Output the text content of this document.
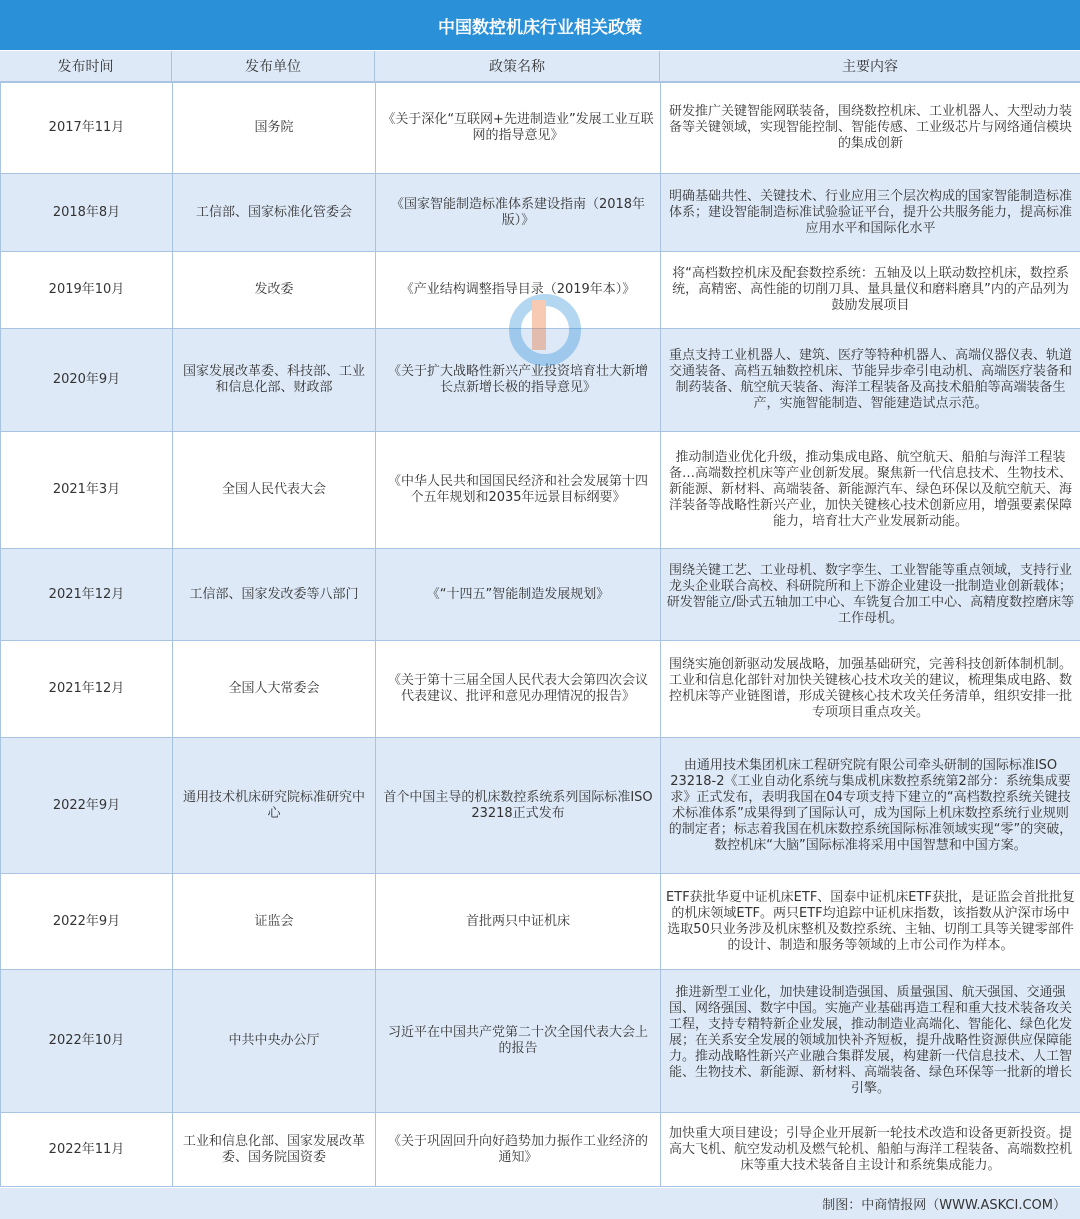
中国数控机床行业相关政策
发布时间	发布单位	政策名称	主要内容
2017年11月	国务院	《关于深化“互联网+先进制造业”发展工业互联网的指导意见》	研发推广关键智能网联装备，围绕数控机床、工业机器人、大型动力装备等关键领域，实现智能控制、智能传感、工业级芯片与网络通信模块的集成创新
2018年8月	工信部、国家标准化管委会	《国家智能制造标准体系建设指南（2018年版）》	明确基础共性、关键技术、行业应用三个层次构成的国家智能制造标准体系；建设智能制造标准试验验证平台，提升公共服务能力，提高标准应用水平和国际化水平
2019年10月	发改委	《产业结构调整指导目录（2019年本）》	将“高档数控机床及配套数控系统：五轴及以上联动数控机床，数控系统，高精密、高性能的切削刀具、量具量仪和磨料磨具”内的产品列为鼓励发展项目
2020年9月	国家发展改革委、科技部、工业和信息化部、财政部	《关于扩大战略性新兴产业投资培育壮大新增长点新增长极的指导意见》	重点支持工业机器人、建筑、医疗等特种机器人、高端仪器仪表、轨道交通装备、高档五轴数控机床、节能异步牵引电动机、高端医疗装备和制药装备、航空航天装备、海洋工程装备及高技术船舶等高端装备生产，实施智能制造、智能建造试点示范。
2021年3月	全国人民代表大会	《中华人民共和国国民经济和社会发展第十四个五年规划和2035年远景目标纲要》	推动制造业优化升级，推动集成电路、航空航天、船舶与海洋工程装备…高端数控机床等产业创新发展。聚焦新一代信息技术、生物技术、新能源、新材料、高端装备、新能源汽车、绿色环保以及航空航天、海洋装备等战略性新兴产业，加快关键核心技术创新应用，增强要素保障能力，培育壮大产业发展新动能。
2021年12月	工信部、国家发改委等八部门	《“十四五”智能制造发展规划》	围绕关键工艺、工业母机、数字孪生、工业智能等重点领域，支持行业龙头企业联合高校、科研院所和上下游企业建设一批制造业创新载体；研发智能立/卧式五轴加工中心、车铣复合加工中心、高精度数控磨床等工作母机。
2021年12月	全国人大常委会	《关于第十三届全国人民代表大会第四次会议代表建议、批评和意见办理情况的报告》	围绕实施创新驱动发展战略，加强基础研究，完善科技创新体制机制。工业和信息化部针对加快关键核心技术攻关的建议，梳理集成电路、数控机床等产业链图谱，形成关键核心技术攻关任务清单，组织安排一批专项项目重点攻关。
2022年9月	通用技术机床研究院标准研究中心	首个中国主导的机床数控系统系列国际标准ISO 23218正式发布	由通用技术集团机床工程研究院有限公司牵头研制的国际标准ISO 23218-2《工业自动化系统与集成机床数控系统第2部分：系统集成要求》正式发布，表明我国在04专项支持下建立的“高档数控系统关键技术标准体系”成果得到了国际认可，成为国际上机床数控系统行业规则的制定者；标志着我国在机床数控系统国际标准领域实现“零”的突破，数控机床“大脑”国际标准将采用中国智慧和中国方案。
2022年9月	证监会	首批两只中证机床	ETF获批华夏中证机床ETF、国泰中证机床ETF获批，是证监会首批批复的机床领域ETF。两只ETF均追踪中证机床指数，该指数从沪深市场中选取50只业务涉及机床整机及数控系统、主轴、切削工具等关键零部件的设计、制造和服务等领域的上市公司作为样本。
2022年10月	中共中央办公厅	习近平在中国共产党第二十次全国代表大会上的报告	推进新型工业化，加快建设制造强国、质量强国、航天强国、交通强国、网络强国、数字中国。实施产业基础再造工程和重大技术装备攻关工程，支持专精特新企业发展，推动制造业高端化、智能化、绿色化发展；在关系安全发展的领域加快补齐短板，提升战略性资源供应保障能力。推动战略性新兴产业融合集群发展，构建新一代信息技术、人工智能、生物技术、新能源、新材料、高端装备、绿色环保等一批新的增长引擎。
2022年11月	工业和信息化部、国家发展改革委、国务院国资委	《关于巩固回升向好趋势加力振作工业经济的通知》	加快重大项目建设；引导企业开展新一轮技术改造和设备更新投资。提高大飞机、航空发动机及燃气轮机、船舶与海洋工程装备、高端数控机床等重大技术装备自主设计和系统集成能力。
制图：中商情报网（WWW.ASKCI.COM）
